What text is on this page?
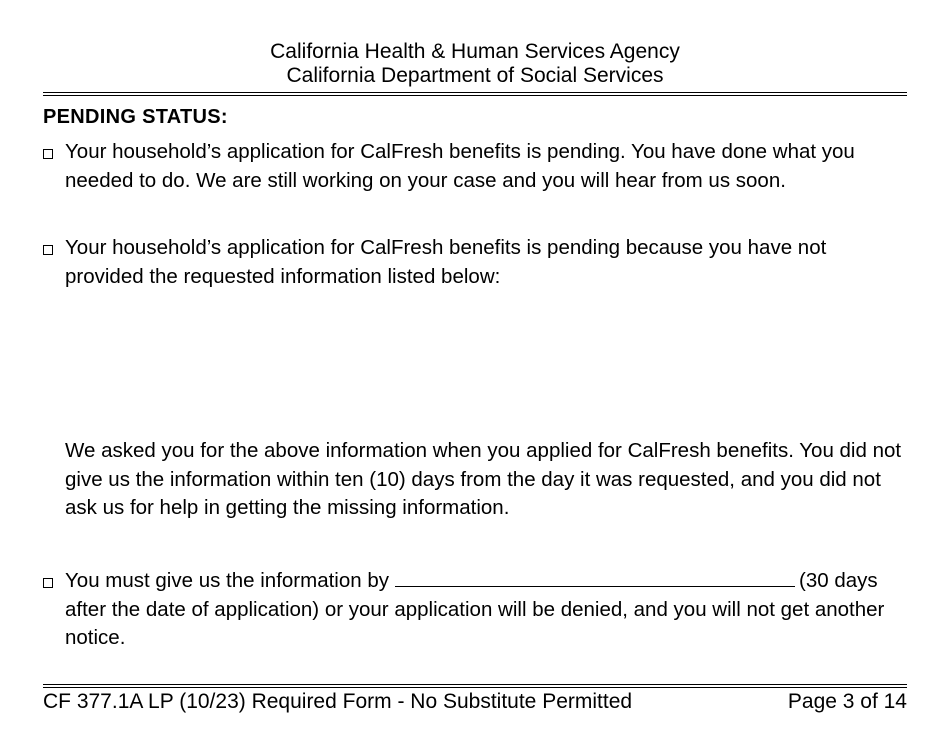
California Health & Human Services Agency
California Department of Social Services
PENDING STATUS:
Your household’s application for CalFresh benefits is pending. You have done what you needed to do. We are still working on your case and you will hear from us soon.
Your household’s application for CalFresh benefits is pending because you have not provided the requested information listed below:
We asked you for the above information when you applied for CalFresh benefits. You did not give us the information within ten (10) days from the day it was requested, and you did not ask us for help in getting the missing information.
You must give us the information by	(30 days after the date of application) or your application will be denied, and you will not get another notice.
CF 377.1A LP (10/23) Required Form - No Substitute Permitted	Page 3 of 14
